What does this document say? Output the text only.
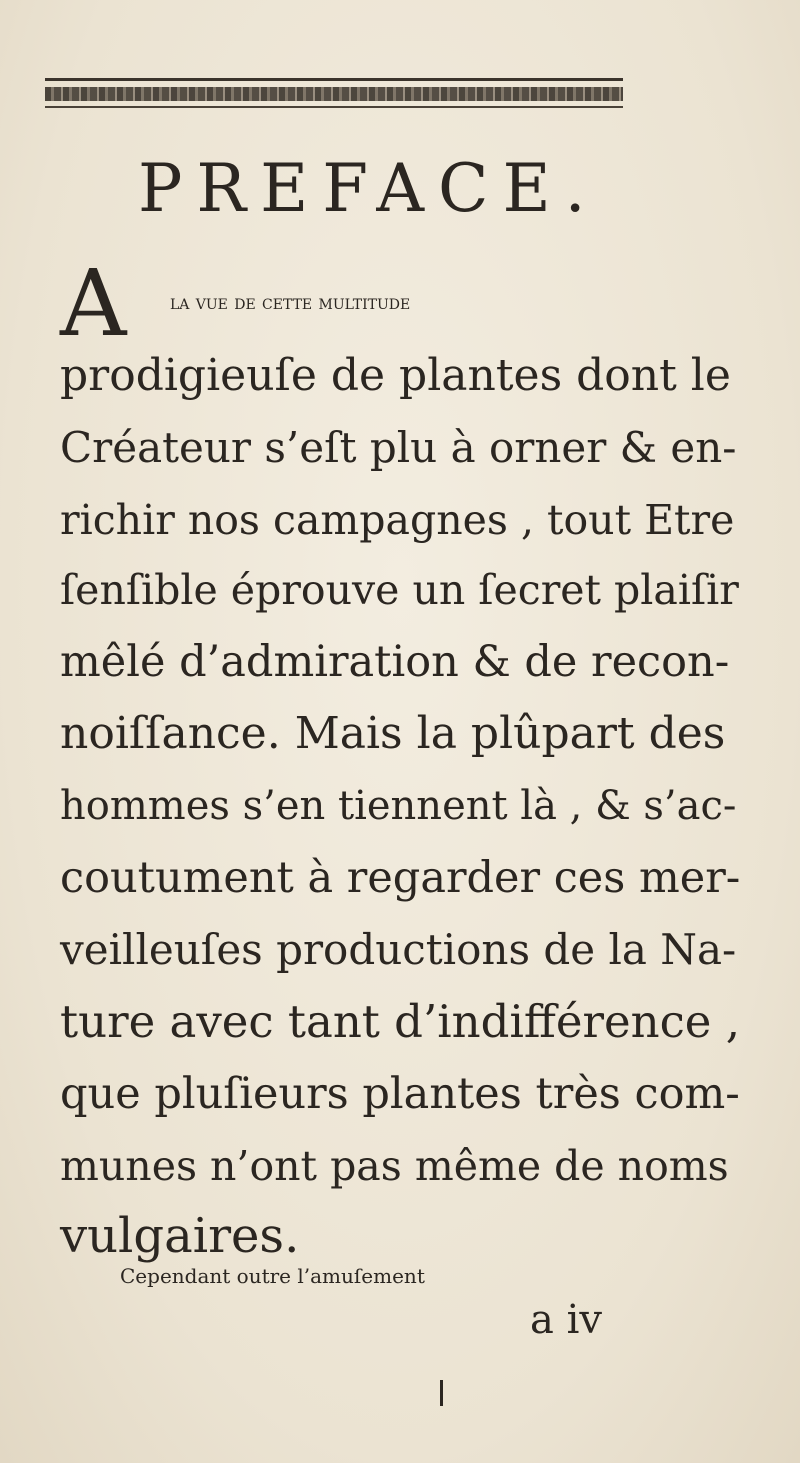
PREFACE.
A la vue de cette multitude

prodigieuſe de plantes dont le

Créateur s’eſt plu à orner & en-

richir nos campagnes , tout Etre

ſenſible éprouve un ſecret plaiſir

mêlé d’admiration & de recon-

noiſſance. Mais la plûpart des

hommes s’en tiennent là , & s’ac-

coutument à regarder ces mer-

veilleuſes productions de la Na-

ture avec tant d’indifférence ,

que pluſieurs plantes très com-

munes n’ont pas même de noms

vulgaires.

Cependant outre l’amuſement

a iv
